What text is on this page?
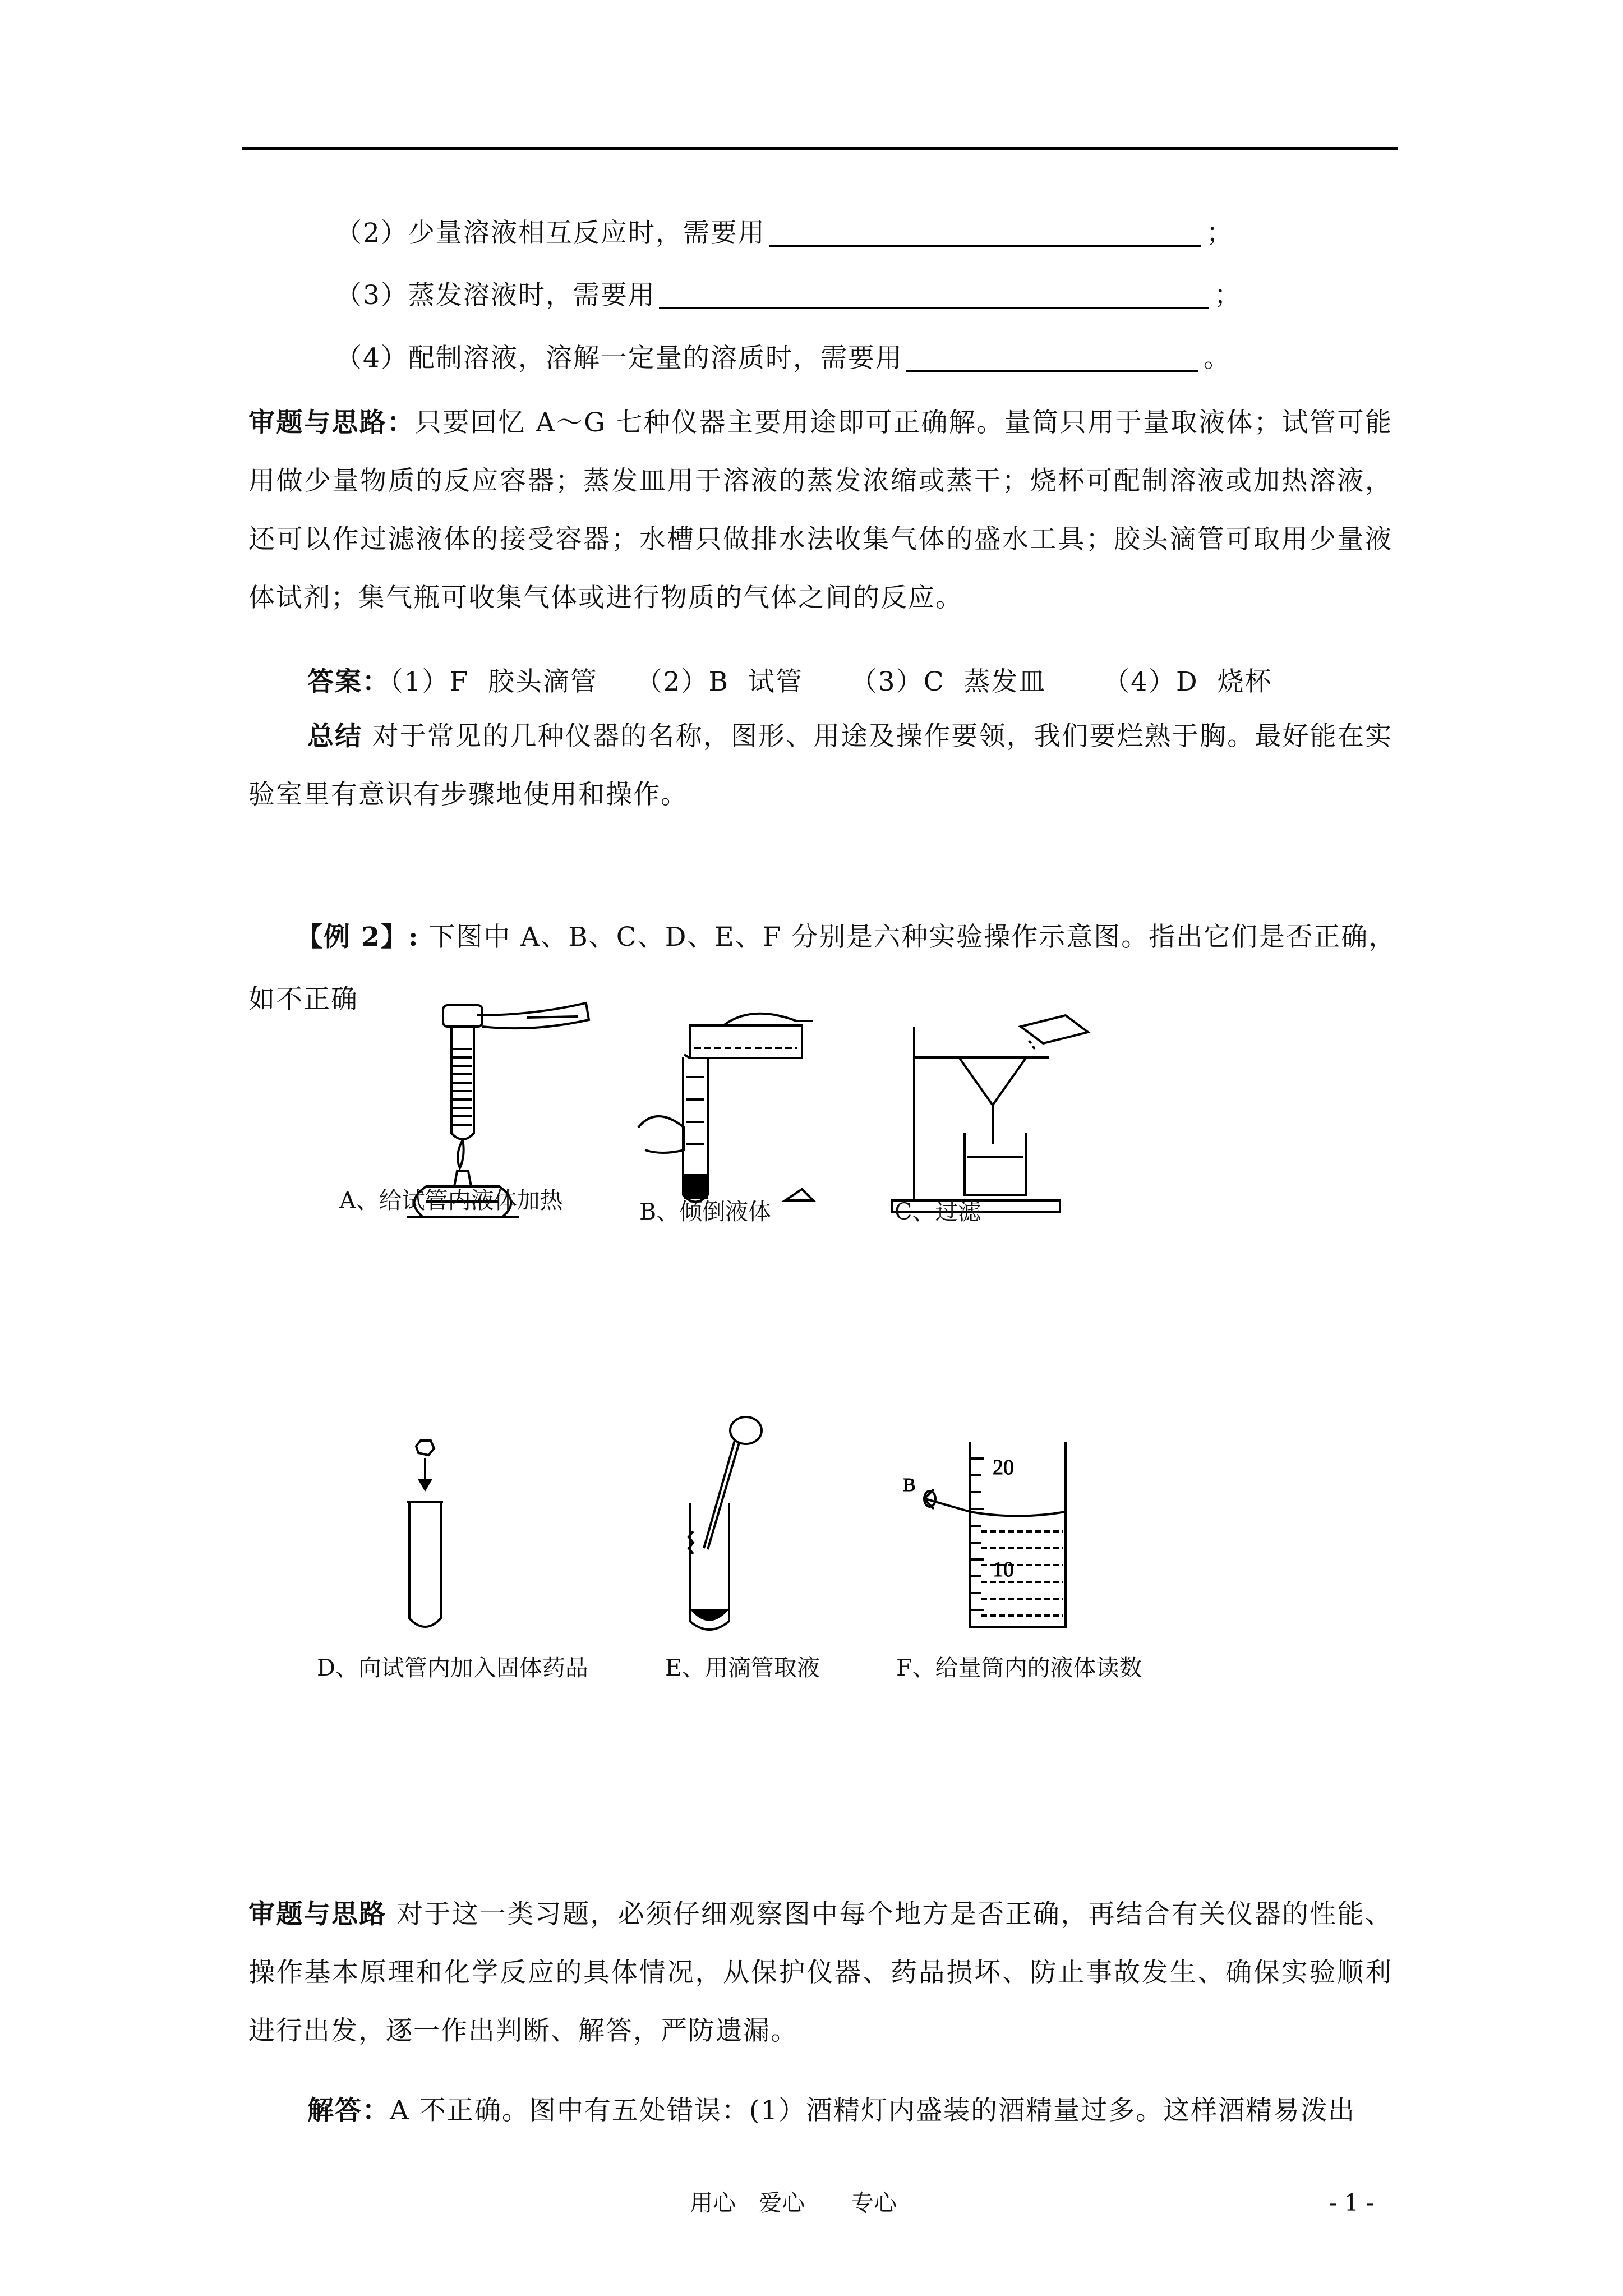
（2）少量溶液相互反应时，需要用	；
（3）蒸发溶液时，需要用	；
（4）配制溶液，溶解一定量的溶质时，需要用	。
审题与思路：只要回忆 A～G 七种仪器主要用途即可正确解。量筒只用于量取液体；试管可能用做少量物质的反应容器；蒸发皿用于溶液的蒸发浓缩或蒸干；烧杯可配制溶液或加热溶液，还可以作过滤液体的接受容器；水槽只做排水法收集气体的盛水工具；胶头滴管可取用少量液体试剂；集气瓶可收集气体或进行物质的气体之间的反应。
答案：（1）F  胶头滴管    （2）B  试管     （3）C  蒸发皿      （4）D  烧杯
总结 对于常见的几种仪器的名称，图形、用途及操作要领，我们要烂熟于胸。最好能在实验室里有意识有步骤地使用和操作。
【例 2】: 下图中 A、B、C、D、E、F 分别是六种实验操作示意图。指出它们是否正确，
如不正确
A、给试管内液体加热	B、倾倒液体	C、过滤
D、向试管内加入固体药品	E、用滴管取液
B
20
10
F、给量筒内的液体读数
审题与思路 对于这一类习题，必须仔细观察图中每个地方是否正确，再结合有关仪器的性能、操作基本原理和化学反应的具体情况，从保护仪器、药品损坏、防止事故发生、确保实验顺利进行出发，逐一作出判断、解答，严防遗漏。
解答：A 不正确。图中有五处错误：(1）酒精灯内盛装的酒精量过多。这样酒精易泼出
用心　爱心　　专心	- 1 -
